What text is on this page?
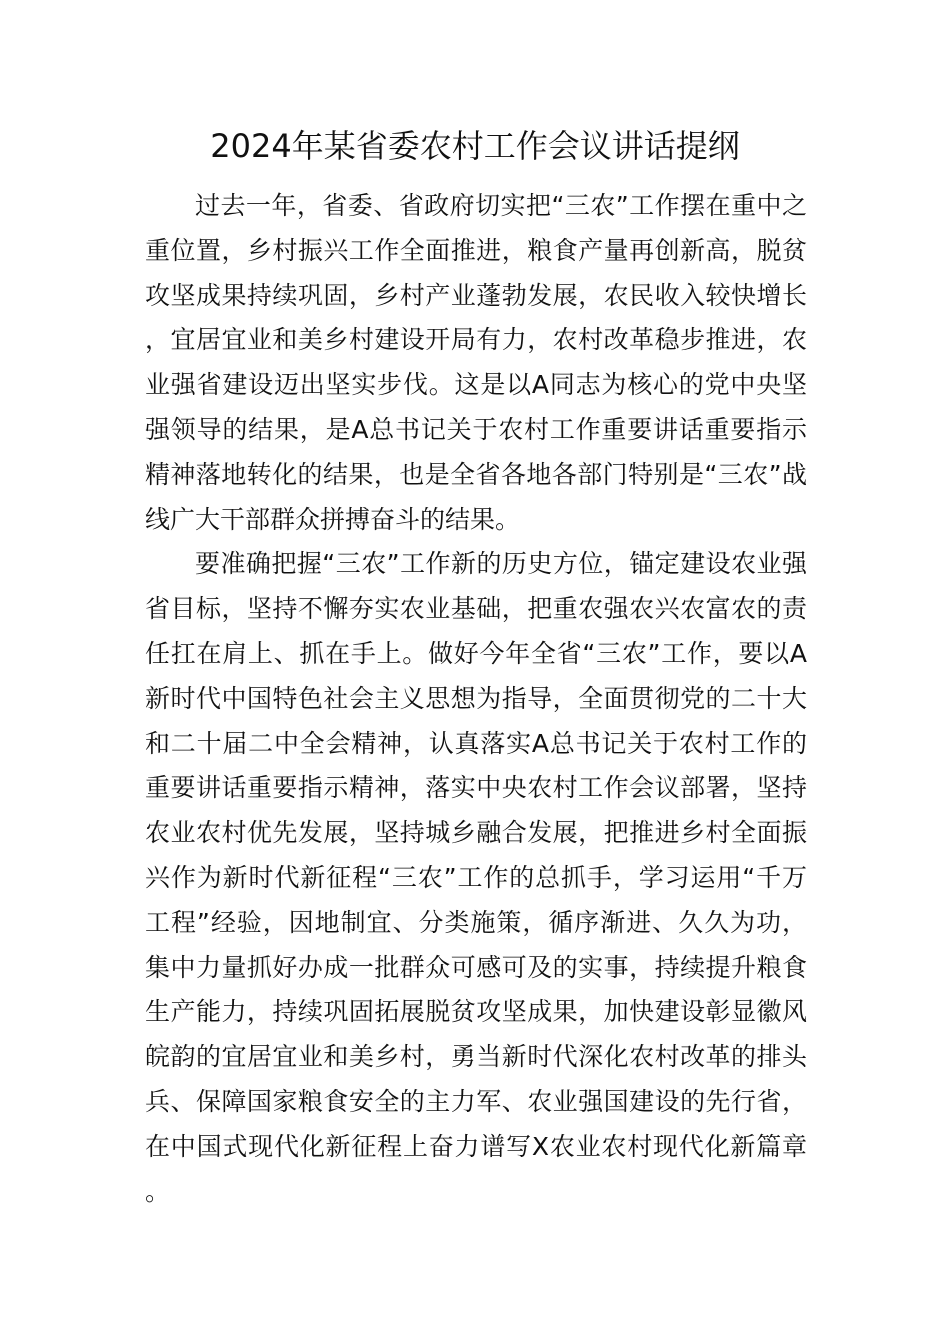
2024年某省委农村工作会议讲话提纲

过去一年，省委、省政府切实把“三农”工作摆在重中之重位置，乡村振兴工作全面推进，粮食产量再创新高，脱贫攻坚成果持续巩固，乡村产业蓬勃发展，农民收入较快增长，宜居宜业和美乡村建设开局有力，农村改革稳步推进，农业强省建设迈出坚实步伐。这是以A同志为核心的党中央坚强领导的结果，是A总书记关于农村工作重要讲话重要指示精神落地转化的结果，也是全省各地各部门特别是“三农”战线广大干部群众拼搏奋斗的结果。

要准确把握“三农”工作新的历史方位，锚定建设农业强省目标，坚持不懈夯实农业基础，把重农强农兴农富农的责任扛在肩上、抓在手上。做好今年全省“三农”工作，要以A新时代中国特色社会主义思想为指导，全面贯彻党的二十大和二十届二中全会精神，认真落实A总书记关于农村工作的重要讲话重要指示精神，落实中央农村工作会议部署，坚持农业农村优先发展，坚持城乡融合发展，把推进乡村全面振兴作为新时代新征程“三农”工作的总抓手，学习运用“千万工程”经验，因地制宜、分类施策，循序渐进、久久为功，集中力量抓好办成一批群众可感可及的实事，持续提升粮食生产能力，持续巩固拓展脱贫攻坚成果，加快建设彰显徽风皖韵的宜居宜业和美乡村，勇当新时代深化农村改革的排头兵、保障国家粮食安全的主力军、农业强国建设的先行省，在中国式现代化新征程上奋力谱写X农业农村现代化新篇章。
